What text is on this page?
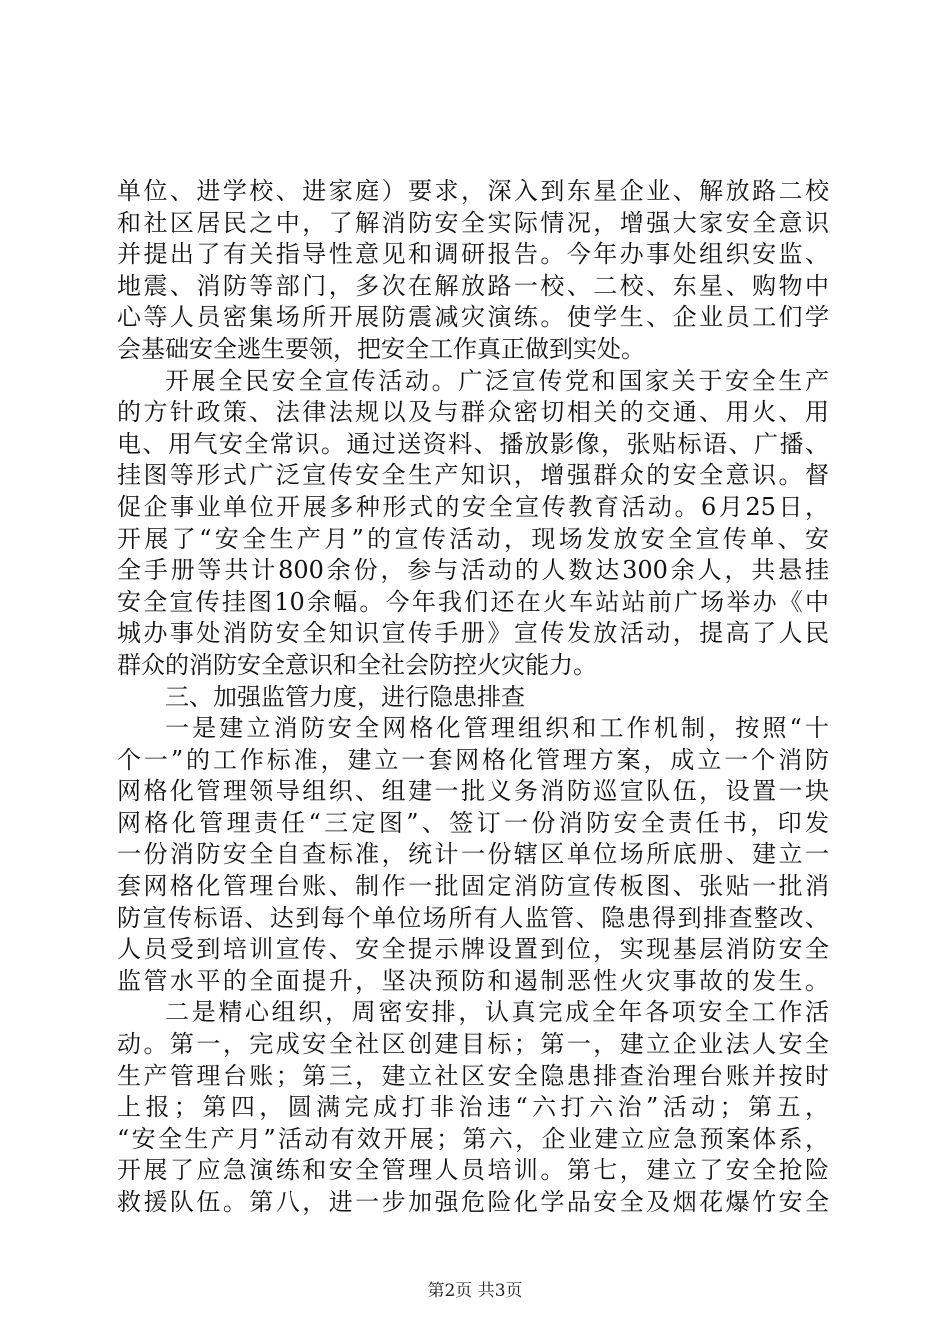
单位、进学校、进家庭）要求，深入到东星企业、解放路二校
和社区居民之中，了解消防安全实际情况，增强大家安全意识
并提出了有关指导性意见和调研报告。今年办事处组织安监、
地震、消防等部门，多次在解放路一校、二校、东星、购物中
心等人员密集场所开展防震减灾演练。使学生、企业员工们学
会基础安全逃生要领，把安全工作真正做到实处。
开展全民安全宣传活动。广泛宣传党和国家关于安全生产
的方针政策、法律法规以及与群众密切相关的交通、用火、用
电、用气安全常识。通过送资料、播放影像，张贴标语、广播、
挂图等形式广泛宣传安全生产知识，增强群众的安全意识。督
促企事业单位开展多种形式的安全宣传教育活动。6月25日，
开展了“安全生产月”的宣传活动，现场发放安全宣传单、安
全手册等共计800余份，参与活动的人数达300余人，共悬挂
安全宣传挂图10余幅。今年我们还在火车站站前广场举办《中
城办事处消防安全知识宣传手册》宣传发放活动，提高了人民
群众的消防安全意识和全社会防控火灾能力。
三、加强监管力度，进行隐患排查
一是建立消防安全网格化管理组织和工作机制，按照“十
个一”的工作标准，建立一套网格化管理方案，成立一个消防
网格化管理领导组织、组建一批义务消防巡宣队伍，设置一块
网格化管理责任“三定图”、签订一份消防安全责任书，印发
一份消防安全自查标准，统计一份辖区单位场所底册、建立一
套网格化管理台账、制作一批固定消防宣传板图、张贴一批消
防宣传标语、达到每个单位场所有人监管、隐患得到排查整改、
人员受到培训宣传、安全提示牌设置到位，实现基层消防安全
监管水平的全面提升，坚决预防和遏制恶性火灾事故的发生。
二是精心组织，周密安排，认真完成全年各项安全工作活
动。第一，完成安全社区创建目标；第一，建立企业法人安全
生产管理台账；第三，建立社区安全隐患排查治理台账并按时
上报；第四，圆满完成打非治违“六打六治”活动；第五，
“安全生产月”活动有效开展；第六，企业建立应急预案体系，
开展了应急演练和安全管理人员培训。第七，建立了安全抢险
救援队伍。第八，进一步加强危险化学品安全及烟花爆竹安全
第2页 共3页
